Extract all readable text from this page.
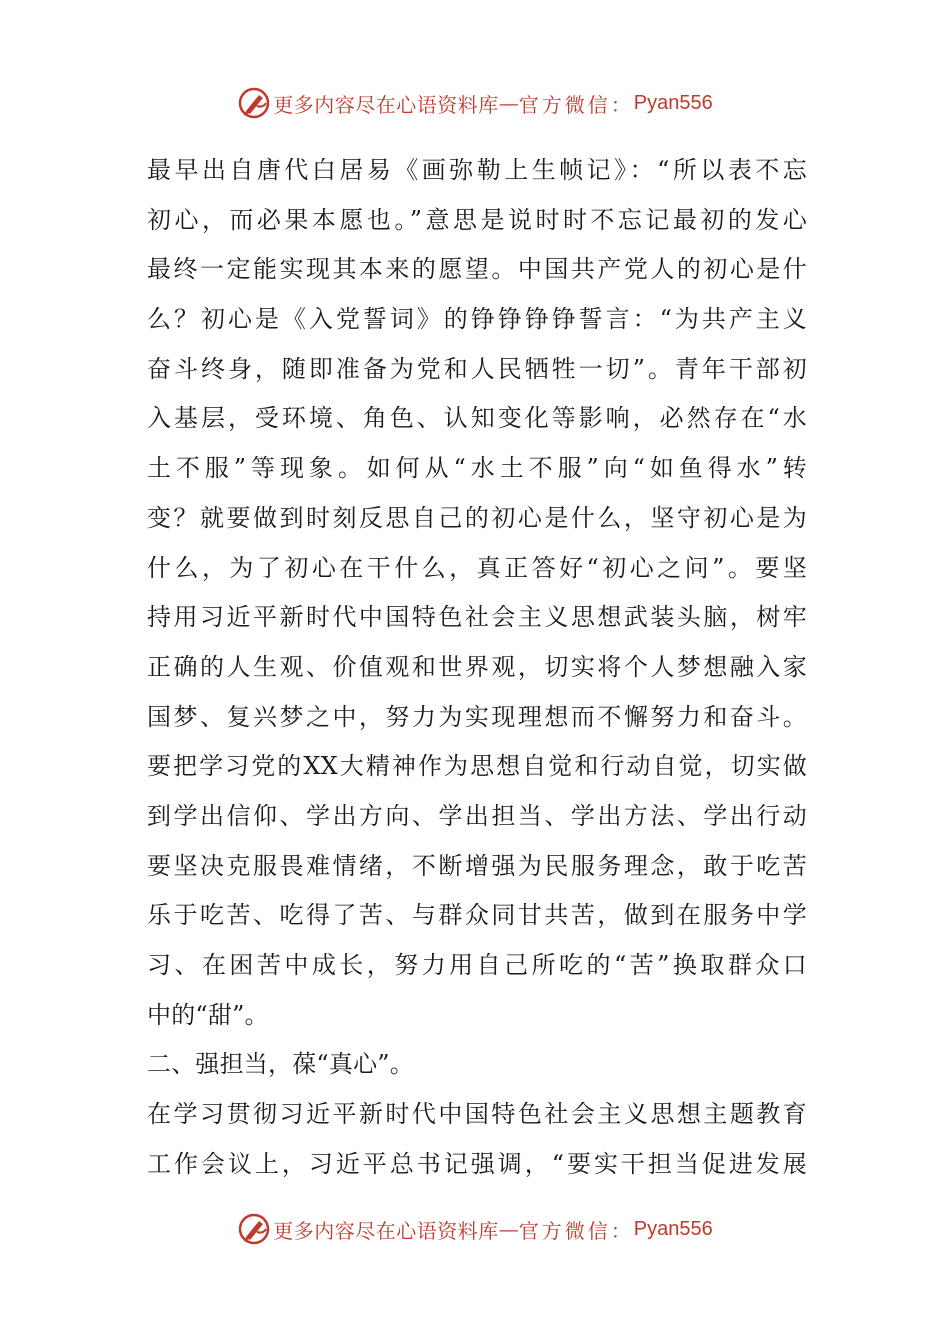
更多内容尽在心语资料库 — 官方微信： Pyan556
最早出自唐代白居易《画弥勒上生帧记》：“所以表不忘
初心，而必果本愿也。”意思是说时时不忘记最初的发心
最终一定能实现其本来的愿望。中国共产党人的初心是什
么？初心是《入党誓词》的铮铮铮铮誓言：“为共产主义
奋斗终身，随即准备为党和人民牺牲一切”。青年干部初
入基层，受环境、角色、认知变化等影响，必然存在“水
土不服”等现象。如何从“水土不服”向“如鱼得水”转
变？就要做到时刻反思自己的初心是什么，坚守初心是为
什么，为了初心在干什么，真正答好“初心之问”。要坚
持用习近平新时代中国特色社会主义思想武装头脑，树牢
正确的人生观、价值观和世界观，切实将个人梦想融入家
国梦、复兴梦之中，努力为实现理想而不懈努力和奋斗。
要把学习党的XX大精神作为思想自觉和行动自觉，切实做
到学出信仰、学出方向、学出担当、学出方法、学出行动
要坚决克服畏难情绪，不断增强为民服务理念，敢于吃苦
乐于吃苦、吃得了苦、与群众同甘共苦，做到在服务中学
习、在困苦中成长，努力用自己所吃的“苦”换取群众口
中的“甜”。
二、强担当，葆“真心”。
在学习贯彻习近平新时代中国特色社会主义思想主题教育
工作会议上，习近平总书记强调，“要实干担当促进发展
更多内容尽在心语资料库 — 官方微信： Pyan556
